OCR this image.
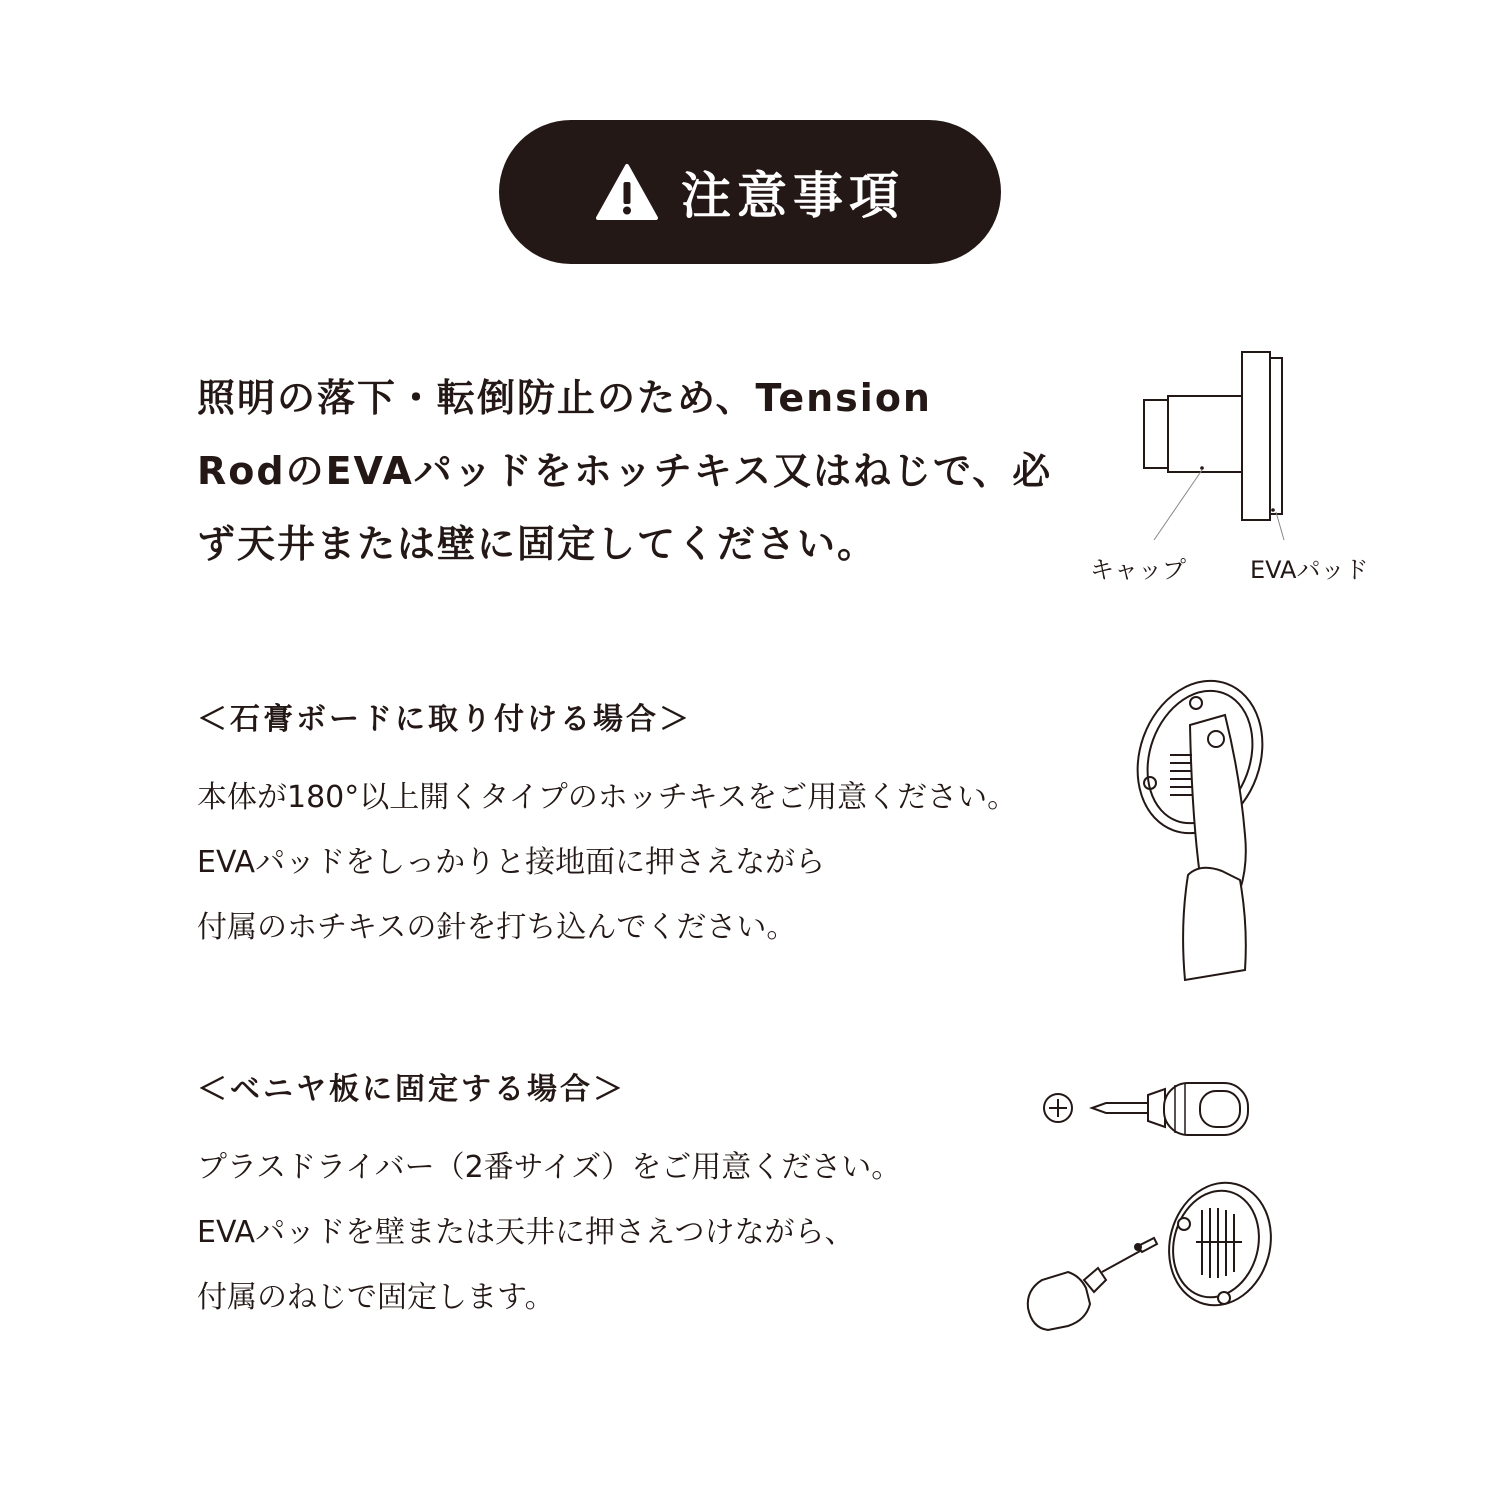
注意事項
照明の落下・転倒防止のため、Tension
RodのEVAパッドをホッチキス又はねじで、必
ず天井または壁に固定してください。
キャップ	EVAパッド
＜石膏ボードに取り付ける場合＞
本体が180°以上開くタイプのホッチキスをご用意ください。
EVAパッドをしっかりと接地面に押さえながら
付属のホチキスの針を打ち込んでください。
＜ベニヤ板に固定する場合＞
プラスドライバー（2番サイズ）をご用意ください。
EVAパッドを壁または天井に押さえつけながら、
付属のねじで固定します。
